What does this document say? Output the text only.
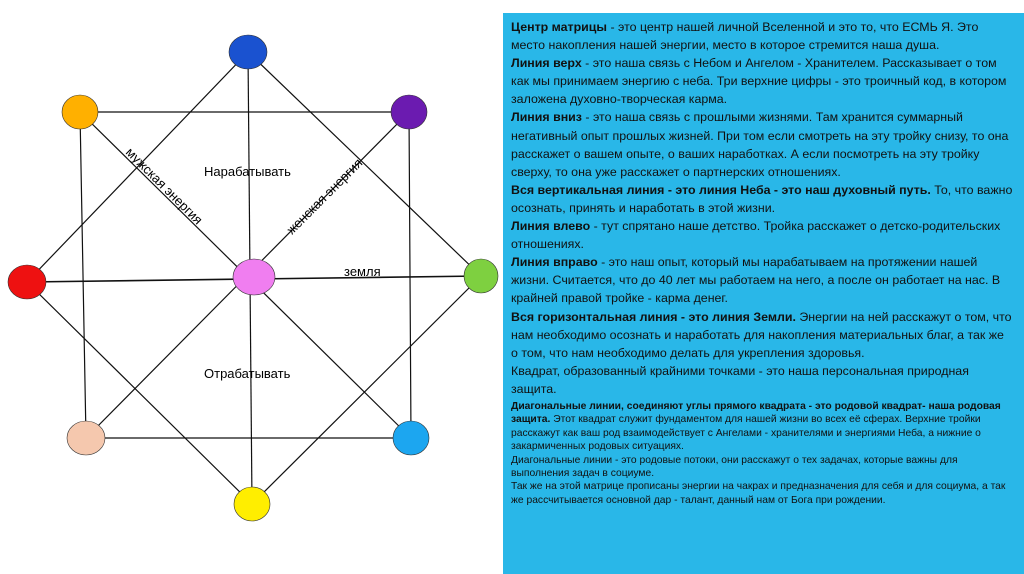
мужская энергия	женская энергия
Нарабатывать
Отрабатывать
земля

Центр матрицы - это центр нашей личной Вселенной и это то, что ЕСМЬ Я. Это место накопления нашей энергии, место в которое стремится наша душа.

Линия верх - это наша связь с Небом и Ангелом - Хранителем. Рассказывает о том как мы принимаем энергию с неба. Три верхние цифры - это троичный код, в котором заложена духовно-творческая карма.

Линия вниз - это наша связь с прошлыми жизнями. Там хранится суммарный негативный опыт прошлых жизней. При том если смотреть на эту тройку снизу, то она расскажет о вашем опыте, о ваших наработках. А если посмотреть на эту тройку сверху, то она уже расскажет о партнерских отношениях.

Вся вертикальная линия - это линия Неба - это наш духовный путь. То, что важно осознать, принять и наработать в этой жизни.

Линия влево - тут спрятано наше детство. Тройка расскажет о детско-родительских отношениях.

Линия вправо - это наш опыт, который мы нарабатываем на протяжении нашей жизни. Считается, что до 40 лет мы работаем на него, а после он работает на нас. В крайней правой тройке - карма денег.

Вся горизонтальная линия - это линия Земли. Энергии на ней расскажут о том, что нам необходимо осознать и наработать для накопления материальных благ, а так же о том, что нам необходимо делать для укрепления здоровья.

Квадрат, образованный крайними точками - это наша персональная природная защита.

Диагональные линии, соединяют углы прямого квадрата - это родовой квадрат- наша родовая защита. Этот квадрат служит фундаментом для нашей жизни во всех её сферах. Верхние тройки расскажут как ваш род взаимодействует с Ангелами - хранителями и энергиями Неба, а нижние о закармиченных родовых ситуациях.

Диагональные линии - это родовые потоки, они расскажут о тех задачах, которые важны для выполнения задач в социуме.

Так же на этой матрице прописаны энергии на чакрах и предназначения для себя и для социума, а так же рассчитывается основной дар - талант, данный нам от Бога при рождении.
